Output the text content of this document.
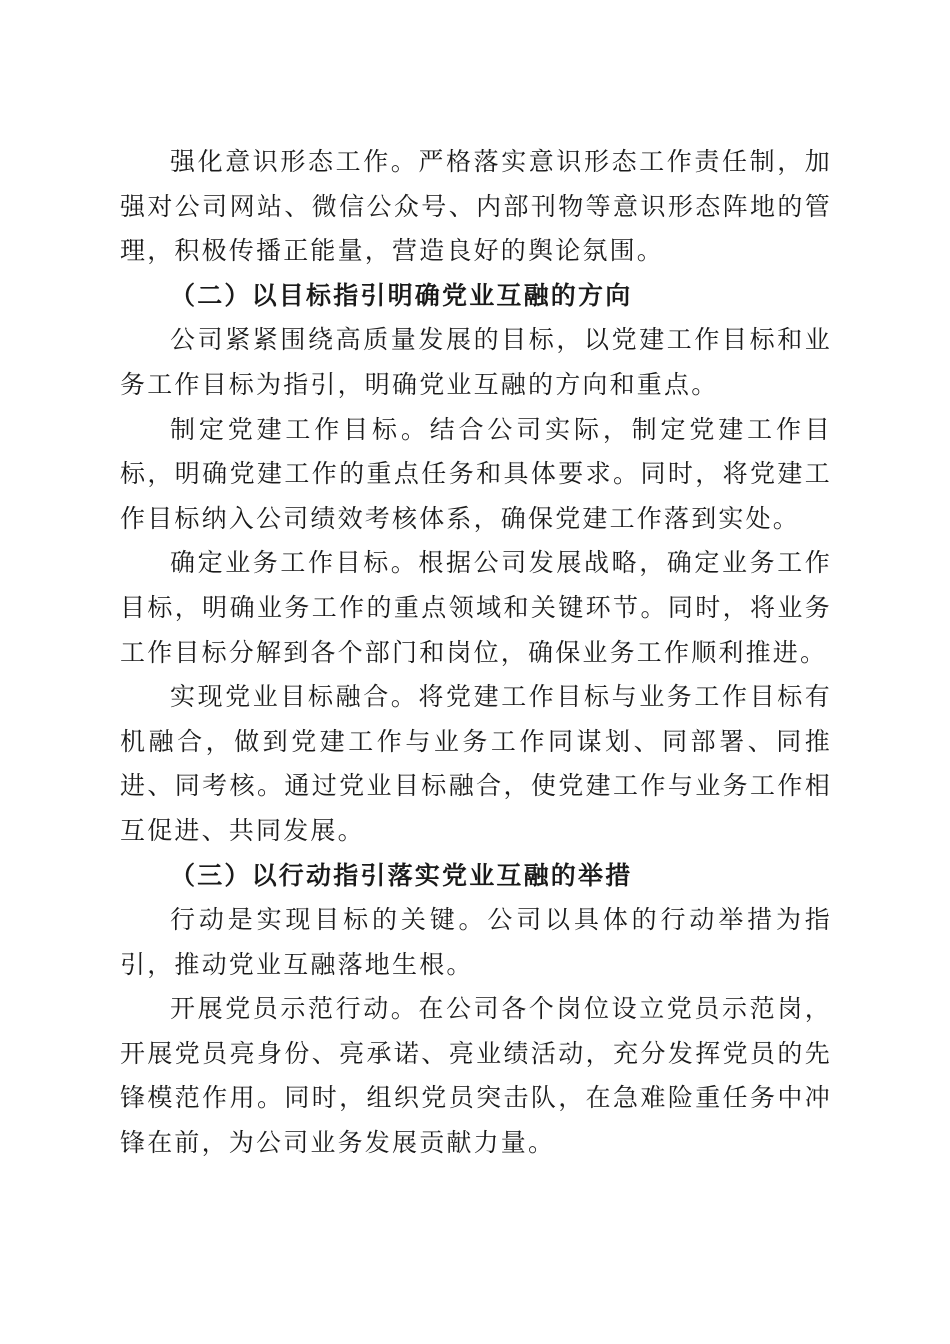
强化意识形态工作。严格落实意识形态工作责任制，加强对公司网站、微信公众号、内部刊物等意识形态阵地的管理，积极传播正能量，营造良好的舆论氛围。

（二）以目标指引明确党业互融的方向

公司紧紧围绕高质量发展的目标，以党建工作目标和业务工作目标为指引，明确党业互融的方向和重点。

制定党建工作目标。结合公司实际，制定党建工作目标，明确党建工作的重点任务和具体要求。同时，将党建工作目标纳入公司绩效考核体系，确保党建工作落到实处。

确定业务工作目标。根据公司发展战略，确定业务工作目标，明确业务工作的重点领域和关键环节。同时，将业务工作目标分解到各个部门和岗位，确保业务工作顺利推进。

实现党业目标融合。将党建工作目标与业务工作目标有机融合，做到党建工作与业务工作同谋划、同部署、同推进、同考核。通过党业目标融合，使党建工作与业务工作相互促进、共同发展。

（三）以行动指引落实党业互融的举措

行动是实现目标的关键。公司以具体的行动举措为指引，推动党业互融落地生根。

开展党员示范行动。在公司各个岗位设立党员示范岗，开展党员亮身份、亮承诺、亮业绩活动，充分发挥党员的先锋模范作用。同时，组织党员突击队，在急难险重任务中冲锋在前，为公司业务发展贡献力量。
